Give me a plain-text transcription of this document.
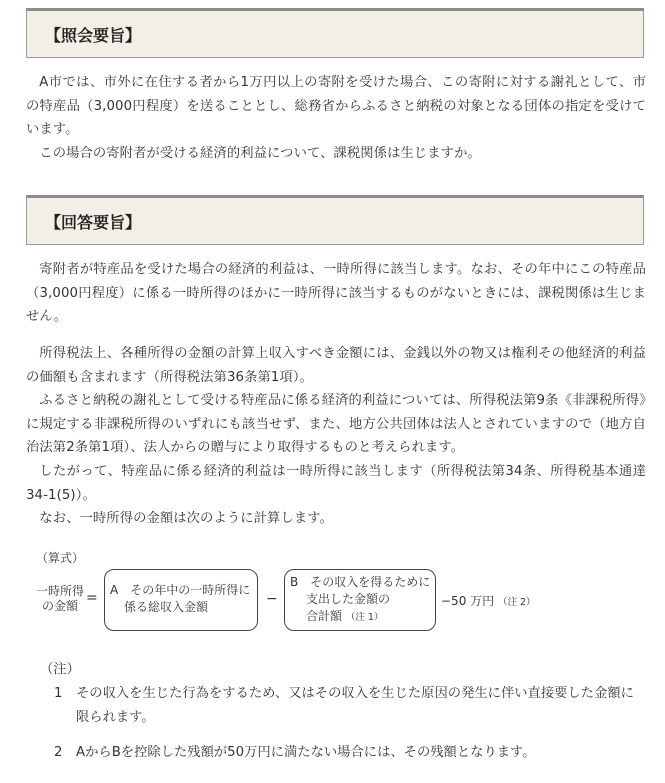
【照会要旨】

A市では、市外に在住する者から1万円以上の寄附を受けた場合、この寄附に対する謝礼として、市の特産品（3,000円程度）を送ることとし、総務省からふるさと納税の対象となる団体の指定を受けています。

この場合の寄附者が受ける経済的利益について、課税関係は生じますか。

【回答要旨】

寄附者が特産品を受けた場合の経済的利益は、一時所得に該当します。なお、その年中にこの特産品（3,000円程度）に係る一時所得のほかに一時所得に該当するものがないときには、課税関係は生じません。

所得税法上、各種所得の金額の計算上収入すべき金額には、金銭以外の物又は権利その他経済的利益の価額も含まれます（所得税法第36条第1項）。

ふるさと納税の謝礼として受ける特産品に係る経済的利益については、所得税法第9条《非課税所得》に規定する非課税所得のいずれにも該当せず、また、地方公共団体は法人とされていますので（地方自治法第2条第1項）、法人からの贈与により取得するものと考えられます。

したがって、特産品に係る経済的利益は一時所得に該当します（所得税法第34条、所得税基本通達34-1(5)）。

なお、一時所得の金額は次のように計算します。

（算式）
一時所得
の金額 = A　その年中の一時所得に
係る総収入金額	−
B　その収入を得るために
支出した金額の
合計額 （注 1）
−50 万円 （注 2）
（注）
1	その収入を生じた行為をするため、又はその収入を生じた原因の発生に伴い直接要した金額に限られます。
2	AからBを控除した残額が50万円に満たない場合には、その残額となります。
